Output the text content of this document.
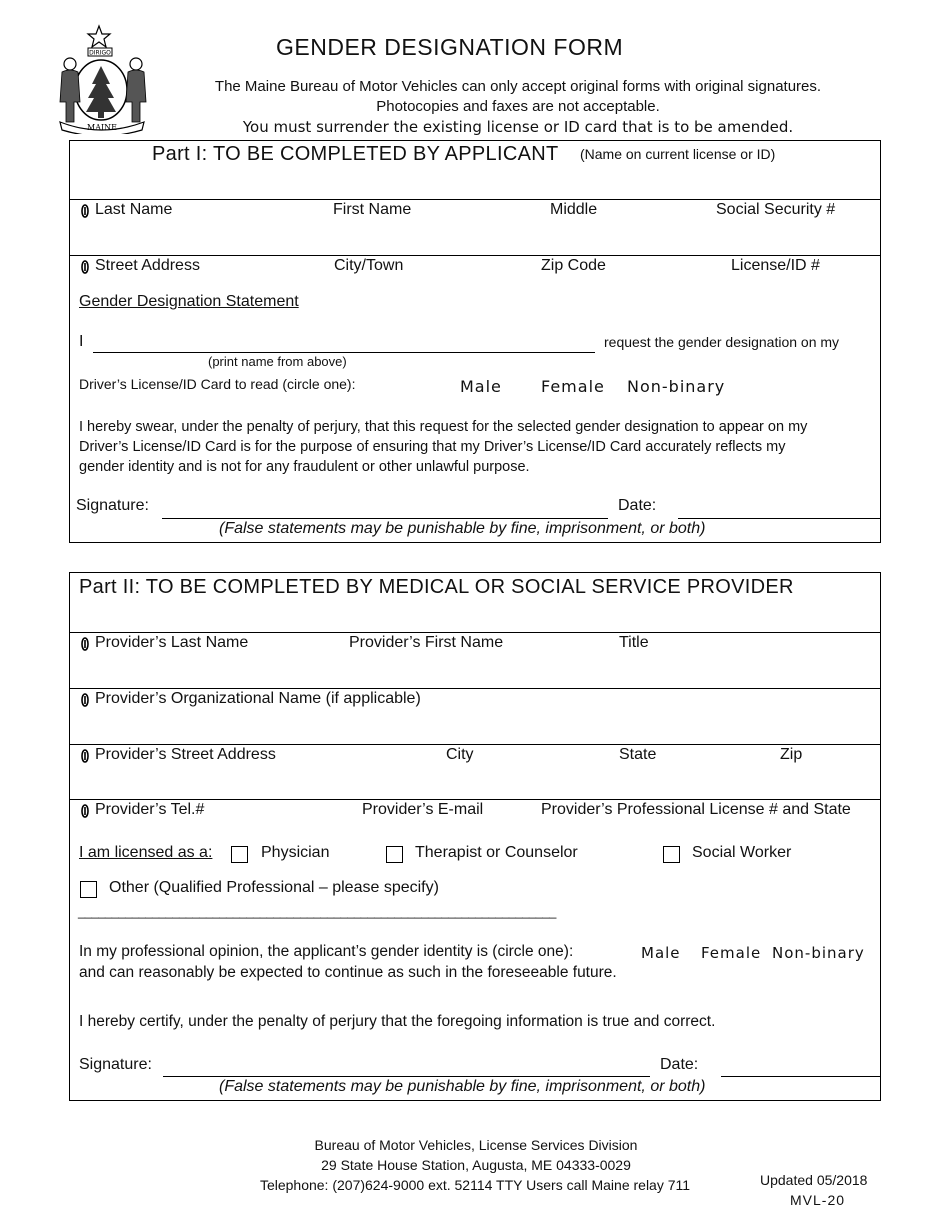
DIRIGO
MAINE
GENDER DESIGNATION FORM
The Maine Bureau of Motor Vehicles can only accept original forms with original signatures.
Photocopies and faxes are not acceptable.
You must surrender the existing license or ID card that is to be amended.
Part I: TO BE COMPLETED BY APPLICANT (Name on current license or ID)
Last Name	First Name	Middle	Social Security #
Street Address	City/Town	Zip Code	License/ID #
Gender Designation Statement
I	request the gender designation on my
(print name from above)
Driver’s License/ID Card to read (circle one):	Male Female Non-binary
I hereby swear, under the penalty of perjury, that this request for the selected gender designation to appear on my
Driver’s License/ID Card is for the purpose of ensuring that my Driver’s License/ID Card accurately reflects my
gender identity and is not for any fraudulent or other unlawful purpose.
Signature:	Date:
(False statements may be punishable by fine, imprisonment, or both)
Part II: TO BE COMPLETED BY MEDICAL OR SOCIAL SERVICE PROVIDER
Provider’s Last Name	Provider’s First Name	Title
Provider’s Organizational Name (if applicable)
Provider’s Street Address	City	State	Zip
Provider’s Tel.#	Provider’s E-mail	Provider’s Professional License # and State
I am licensed as a:	Physician	Therapist or Counselor	Social Worker
Other (Qualified Professional – please specify)
_______________________________________________________________________
In my professional opinion, the applicant’s gender identity is (circle one):	Male Female Non-binary
and can reasonably be expected to continue as such in the foreseeable future.
I hereby certify, under the penalty of perjury that the foregoing information is true and correct.
Signature:	Date:
(False statements may be punishable by fine, imprisonment, or both)
Bureau of Motor Vehicles, License Services Division
29 State House Station, Augusta, ME 04333-0029
Telephone: (207)624-9000 ext. 52114 TTY Users call Maine relay 711	Updated 05/2018
MVL-20
